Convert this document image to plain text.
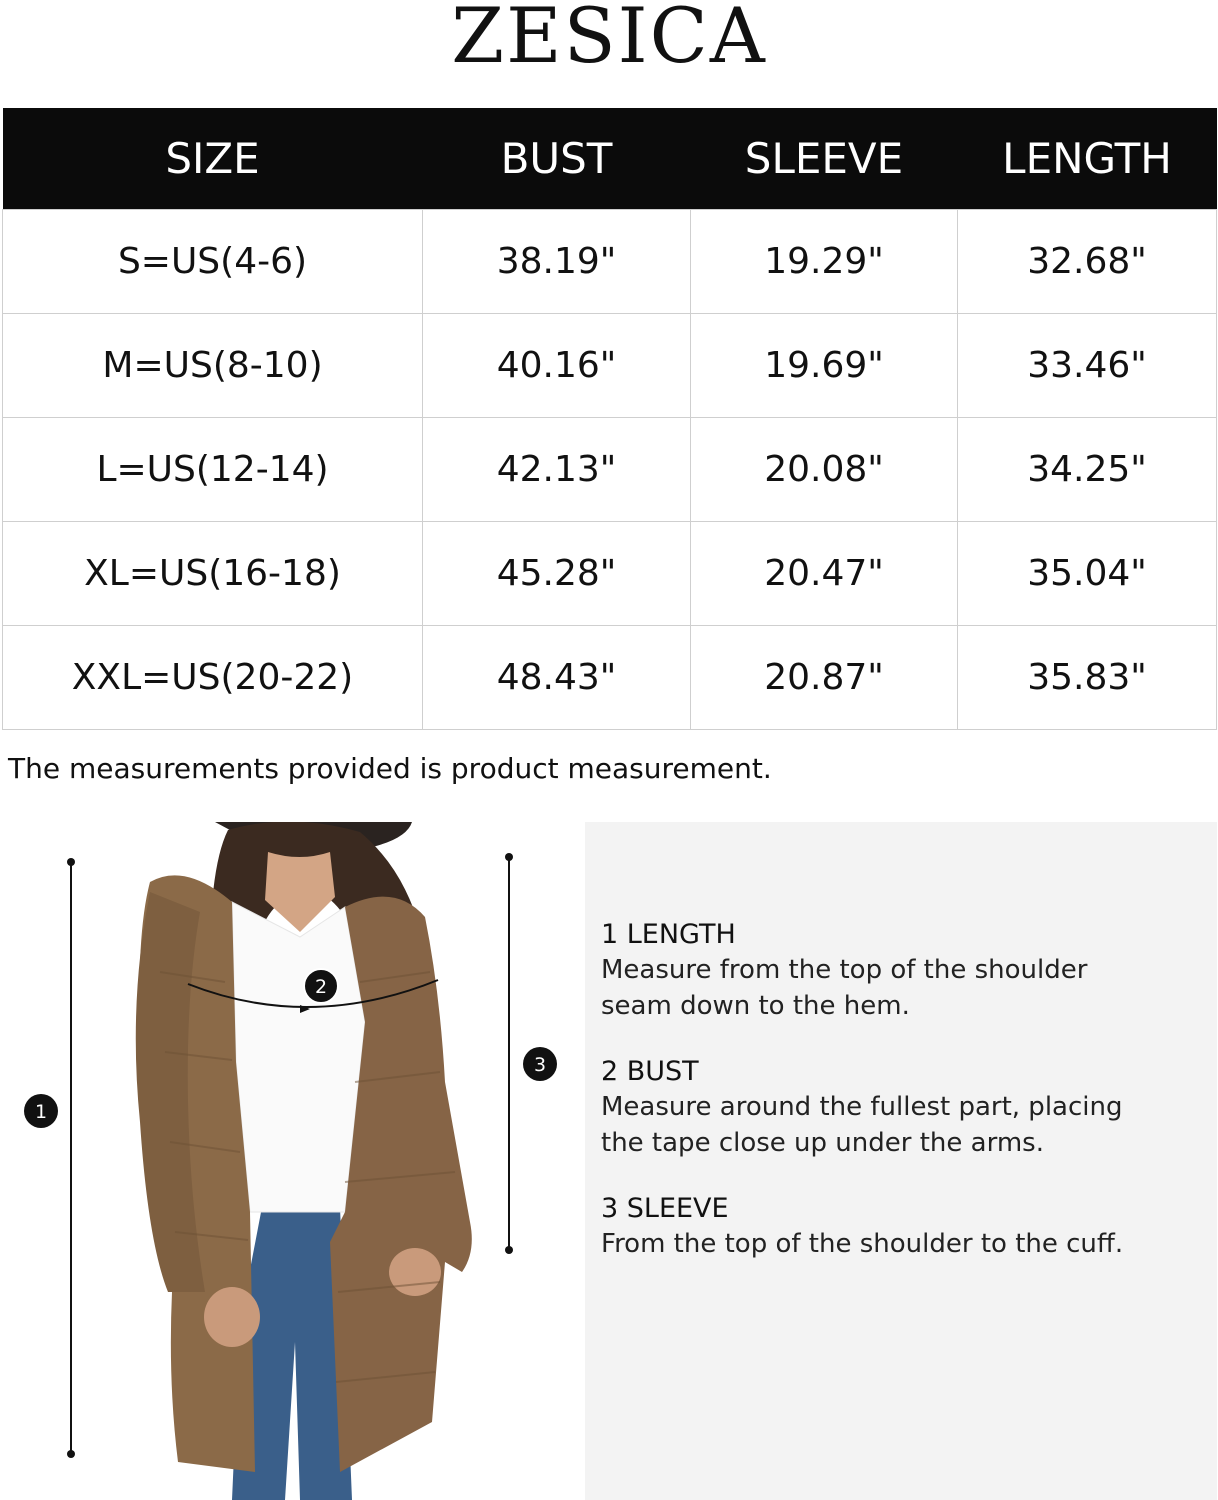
ZESICA
SIZE	BUST	SLEEVE	LENGTH
S=US(4-6)	38.19"	19.29"	32.68"
M=US(8-10)	40.16"	19.69"	33.46"
L=US(12-14)	42.13"	20.08"	34.25"
XL=US(16-18)	45.28"	20.47"	35.04"
XXL=US(20-22)	48.43"	20.87"	35.83"
The measurements provided is product measurement.
1
2
3
1 LENGTH
Measure from the top of the shoulder
seam down to the hem.
2 BUST
Measure around the fullest part, placing
the tape close up under the arms.
3 SLEEVE
From the top of the shoulder to the cuff.
